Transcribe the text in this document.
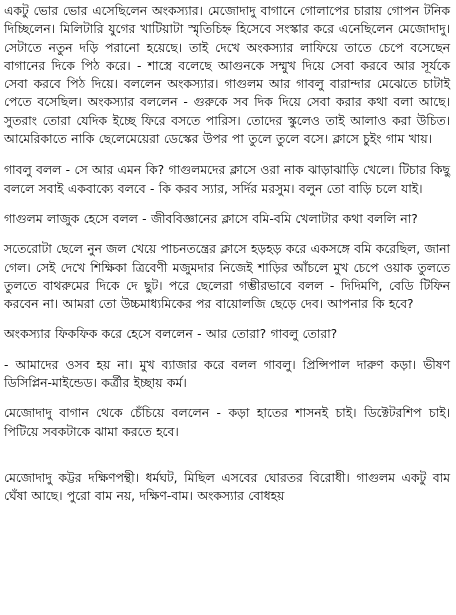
একটু ভোর ভোর এসেছিলেন অংকস্যার। মেজোদাদু বাগানে গোলাপের চারায় গোপন টনিক দিচ্ছিলেন। মিলিটারি যুগের খাটিয়াটা স্মৃতিচিহ্ন হিসেবে সংস্কার করে এনেছিলেন মেজোদাদু। সেটাতে নতুন দড়ি পরানো হয়েছে। তাই দেখে অংকস্যার লাফিয়ে তাতে চেপে বসেছেন বাগানের দিকে পিঠ করে। - শাস্ত্রে বলেছে আগুনকে সম্মুখ দিয়ে সেবা করবে আর সূর্যকে সেবা করবে পিঠ দিয়ে। বললেন অংকস্যার। গাগুলম আর গাবলু বারান্দার মেঝেতে চাটাই পেতে বসেছিল। অংকস্যার বললেন - গুরুকে সব দিক দিয়ে সেবা করার কথা বলা আছে। সুতরাং তোরা যেদিক ইচ্ছে ফিরে বসতে পারিস। তোদের স্কুলেও তাই আলাও করা উচিত। আমেরিকাতে নাকি ছেলেমেয়েরা ডেস্কের উপর পা তুলে তুলে বসে। ক্লাসে চুইং গাম খায়।

গাবলু বলল - সে আর এমন কি? গাগুলমদের ক্লাসে ওরা নাক ঝাড়াঝাড়ি খেলে। টিচার কিছু বললে সবাই একবাক্যে বলবে - কি করব স্যার, সর্দির মরসুম। বলুন তো বাড়ি চলে যাই।

গাগুলম লাজুক হেসে বলল - জীববিজ্ঞানের ক্লাসে বমি-বমি খেলাটার কথা বললি না?

সতেরোটা ছেলে নুন জল খেয়ে পাচনতন্ত্রের ক্লাসে হড়হড় করে একসঙ্গে বমি করেছিল, জানা গেল। সেই দেখে শিক্ষিকা ত্রিবেণী মজুমদার নিজেই শাড়ির আঁচলে মুখ চেপে ওয়াক তুলতে তুলতে বাথরুমের দিকে দে ছুট। পরে ছেলেরা গম্ভীরভাবে বলল - দিদিমণি, বেডি টিফিন করবেন না। আমরা তো উচ্চমাধ্যমিকের পর বায়োলজি ছেড়ে দেব। আপনার কি হবে?

অংকস্যার ফিকফিক করে হেসে বললেন - আর তোরা? গাবলু তোরা?

- আমাদের ওসব হয় না। মুখ ব্যাজার করে বলল গাবলু। প্রিন্সিপাল দারুণ কড়া। ভীষণ ডিসিপ্লিন-মাইন্ডেড। কর্ত্রীর ইচ্ছায় কর্ম।

মেজোদাদু বাগান থেকে চেঁচিয়ে বললেন - কড়া হাতের শাসনই চাই। ডিক্টেটরশিপ চাই। পিটিয়ে সবকটাকে ঝামা করতে হবে।

মেজোদাদু কট্টর দক্ষিণপন্থী। ধর্মঘট, মিছিল এসবের ঘোরতর বিরোধী। গাগুলম একটু বাম ঘেঁষা আছে। পুরো বাম নয়, দক্ষিণ-বাম। অংকস্যার বোধহয়
